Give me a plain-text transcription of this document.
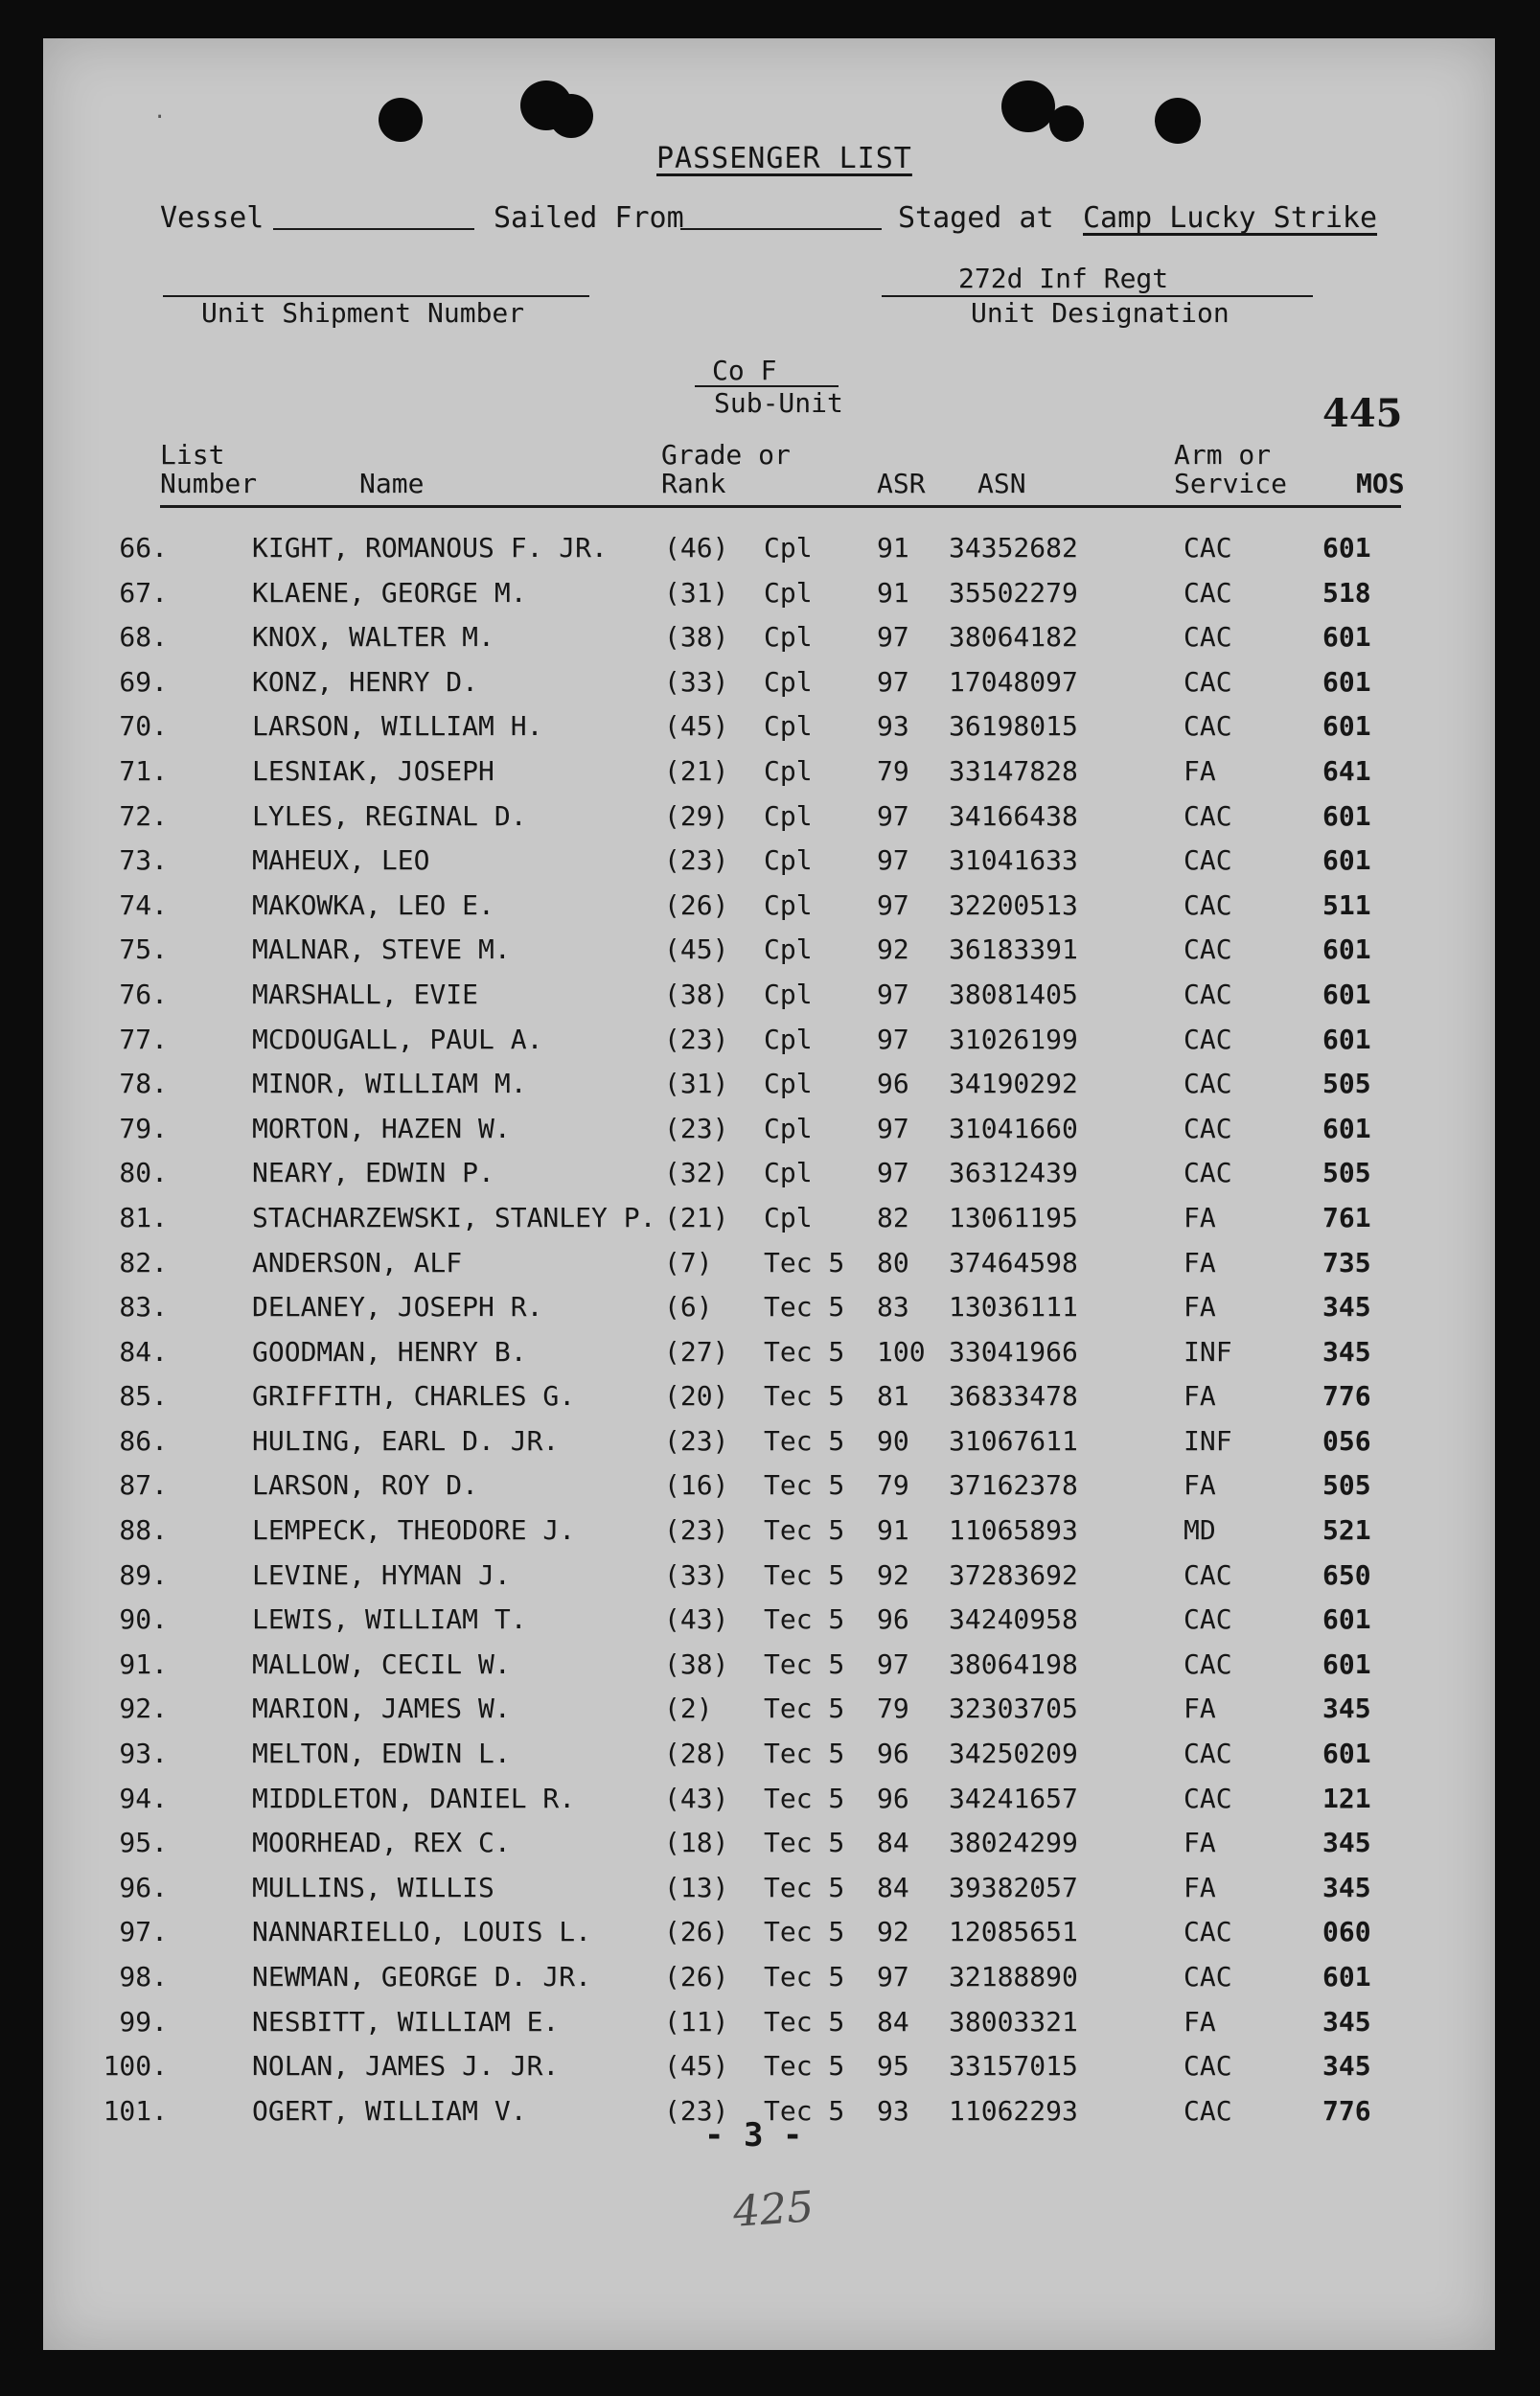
·
PASSENGER LIST
Vessel	Sailed From	Staged at Camp Lucky Strike
Unit Shipment Number
272d Inf Regt
Unit Designation
Co F
Sub-Unit	445
List
Number	Name
Grade or
Rank	ASR ASN
Arm or
Service	MOS
66.	KIGHT, ROMANOUS F. JR. (46) Cpl 91 34352682	CAC	601
67.	KLAENE, GEORGE M.	(31) Cpl 91 35502279	CAC	518
68.	KNOX, WALTER M.	(38) Cpl 97 38064182	CAC	601
69.	KONZ, HENRY D.	(33) Cpl 97 17048097	CAC	601
70.	LARSON, WILLIAM H.	(45) Cpl 93 36198015	CAC	601
71.	LESNIAK, JOSEPH	(21) Cpl 79 33147828	FA	641
72.	LYLES, REGINAL D.	(29) Cpl 97 34166438	CAC	601
73.	MAHEUX, LEO	(23) Cpl 97 31041633	CAC	601
74.	MAKOWKA, LEO E.	(26) Cpl 97 32200513	CAC	511
75.	MALNAR, STEVE M.	(45) Cpl 92 36183391	CAC	601
76.	MARSHALL, EVIE	(38) Cpl 97 38081405	CAC	601
77.	MCDOUGALL, PAUL A.	(23) Cpl 97 31026199	CAC	601
78.	MINOR, WILLIAM M.	(31) Cpl 96 34190292	CAC	505
79.	MORTON, HAZEN W.	(23) Cpl 97 31041660	CAC	601
80.	NEARY, EDWIN P.	(32) Cpl 97 36312439	CAC	505
81.	STACHARZEWSKI, STANLEY P. (21) Cpl 82 13061195	FA	761
82.	ANDERSON, ALF	(7) Tec 5 80 37464598	FA	735
83.	DELANEY, JOSEPH R.	(6) Tec 5 83 13036111	FA	345
84.	GOODMAN, HENRY B.	(27) Tec 5 100 33041966	INF	345
85.	GRIFFITH, CHARLES G.	(20) Tec 5 81 36833478	FA	776
86.	HULING, EARL D. JR.	(23) Tec 5 90 31067611	INF	056
87.	LARSON, ROY D.	(16) Tec 5 79 37162378	FA	505
88.	LEMPECK, THEODORE J.	(23) Tec 5 91 11065893	MD	521
89.	LEVINE, HYMAN J.	(33) Tec 5 92 37283692	CAC	650
90.	LEWIS, WILLIAM T.	(43) Tec 5 96 34240958	CAC	601
91.	MALLOW, CECIL W.	(38) Tec 5 97 38064198	CAC	601
92.	MARION, JAMES W.	(2) Tec 5 79 32303705	FA	345
93.	MELTON, EDWIN L.	(28) Tec 5 96 34250209	CAC	601
94.	MIDDLETON, DANIEL R.	(43) Tec 5 96 34241657	CAC	121
95.	MOORHEAD, REX C.	(18) Tec 5 84 38024299	FA	345
96.	MULLINS, WILLIS	(13) Tec 5 84 39382057	FA	345
97.	NANNARIELLO, LOUIS L.	(26) Tec 5 92 12085651	CAC	060
98.	NEWMAN, GEORGE D. JR.	(26) Tec 5 97 32188890	CAC	601
99.	NESBITT, WILLIAM E.	(11) Tec 5 84 38003321	FA	345
100.	NOLAN, JAMES J. JR.	(45) Tec 5 95 33157015	CAC	345
101.	OGERT, WILLIAM V.	(23) Tec 5 93 11062293	CAC	776
- 3 -
425
